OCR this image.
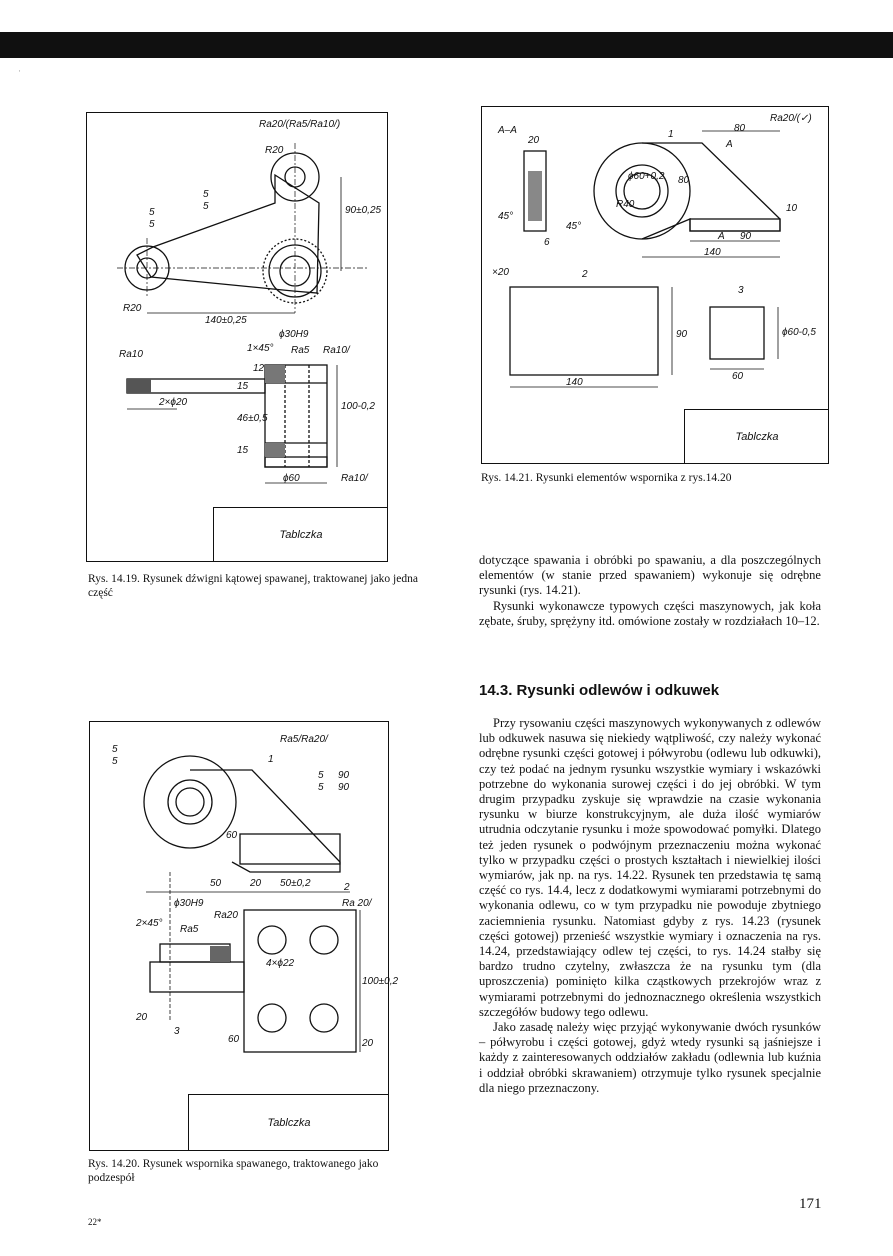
·
Ra20/(Ra5/Ra10/)
R20
R20
5
5
5
5
90±0,25
140±0,25
ϕ30H9
1×45°
Ra10	Ra5 Ra10/
12
15
2×ϕ20
46±0,5
100-0,2
15
ϕ60	Ra10/
Tablczka
Rys. 14.19. Rysunek dźwigni kątowej spawanej, traktowanej jako jedna część
A–A
Ra20/(✓)
20
1
80
A
ϕ60+0,2
R40
80
10
45°
45°
6
A 90
140
×20	2
3
90	ϕ60-0,5
140
60
Tablczka
Rys. 14.21. Rysunki elementów wspornika z rys.14.20
Ra5/Ra20/
5
5	1
5 90
5 90
60
50	20 50±0,2	2
ϕ30H9
Ra5
Ra20
2×45°
Ra 20/
4×ϕ22
100±0,2
20
3
60	20
Tablczka
Rys. 14.20. Rysunek wspornika spawanego, traktowanego jako podzespół

dotyczące spawania i obróbki po spawaniu, a dla poszczególnych elementów (w stanie przed spawaniem) wykonuje się odrębne rysunki (rys. 14.21).

Rysunki wykonawcze typowych części maszynowych, jak koła zębate, śruby, sprężyny itd. omówione zostały w rozdziałach 10–12.

14.3. Rysunki odlewów i odkuwek

Przy rysowaniu części maszynowych wykonywanych z odlewów lub odkuwek nasuwa się niekiedy wątpliwość, czy należy wykonać odrębne rysunki części gotowej i półwyrobu (odlewu lub odkuwki), czy też podać na jednym rysunku wszystkie wymiary i wskazówki potrzebne do wykonania surowej części i do jej obróbki. W tym drugim przypadku zyskuje się wprawdzie na czasie wykonania rysunku w biurze konstrukcyjnym, ale duża ilość wymiarów utrudnia odczytanie rysunku i może spowodować pomyłki. Dlatego też jeden rysunek o podwójnym przeznaczeniu można wykonać tylko w przypadku części o prostych kształtach i niewielkiej ilości wymiarów, jak np. na rys. 14.22. Rysunek ten przedstawia tę samą część co rys. 14.4, lecz z dodatkowymi wymiarami potrzebnymi do wykonania odlewu, co w tym przypadku nie powoduje zbytniego zaciemnienia rysunku. Natomiast gdyby z rys. 14.23 (rysunek części gotowej) przenieść wszystkie wymiary i oznaczenia na rys. 14.24, przedstawiający odlew tej części, to rys. 14.24 stałby się bardzo trudno czytelny, zwłaszcza że na rysunku tym (dla uproszczenia) pominięto kilka cząstkowych przekrojów wraz z wymiarami potrzebnymi do jednoznacznego określenia wszystkich szczegółów budowy tego odlewu.

Jako zasadę należy więc przyjąć wykonywanie dwóch rysunków – półwyrobu i części gotowej, gdyż wtedy rysunki są jaśniejsze i każdy z zainteresowanych oddziałów zakładu (odlewnia lub kuźnia i oddział obróbki skrawaniem) otrzymuje tylko rysunek specjalnie dla niego przeznaczony.

171
22*
